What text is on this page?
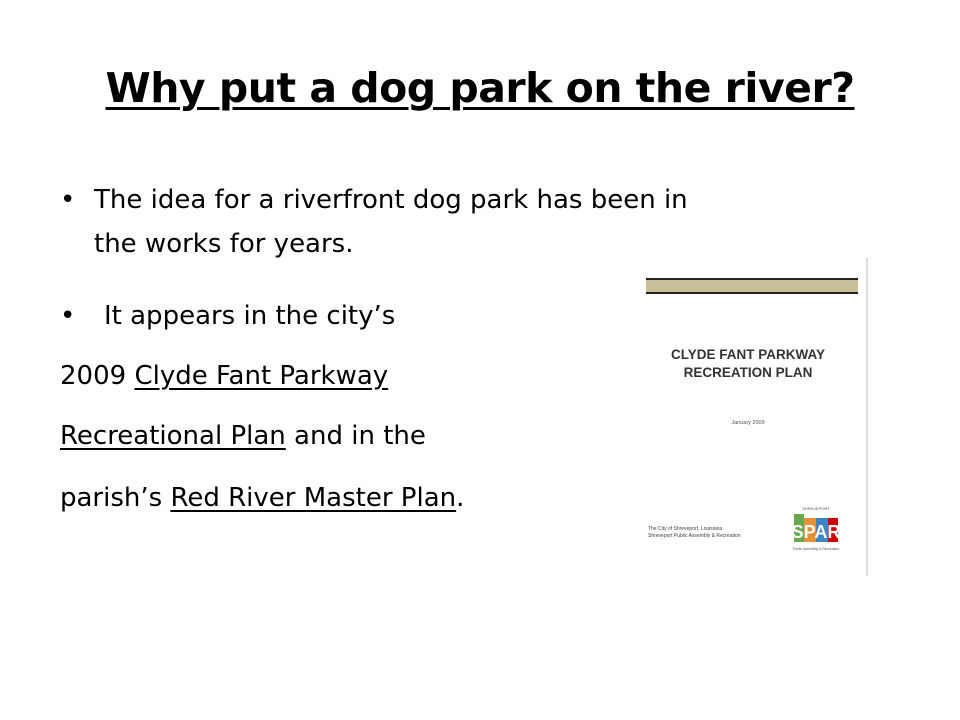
Why put a dog park on the river?
• The idea for a riverfront dog park has been in
the works for years.
• It appears in the city’s
2009 Clyde Fant Parkway
Recreational Plan and in the
parish’s Red River Master Plan.
CLYDE FANT PARKWAY
RECREATION PLAN
January 2009
The City of Shreveport, Louisiana
Shreveport Public Assembly & Recreation
SHREVEPORT
SPAR
Public Assembly & Recreation
